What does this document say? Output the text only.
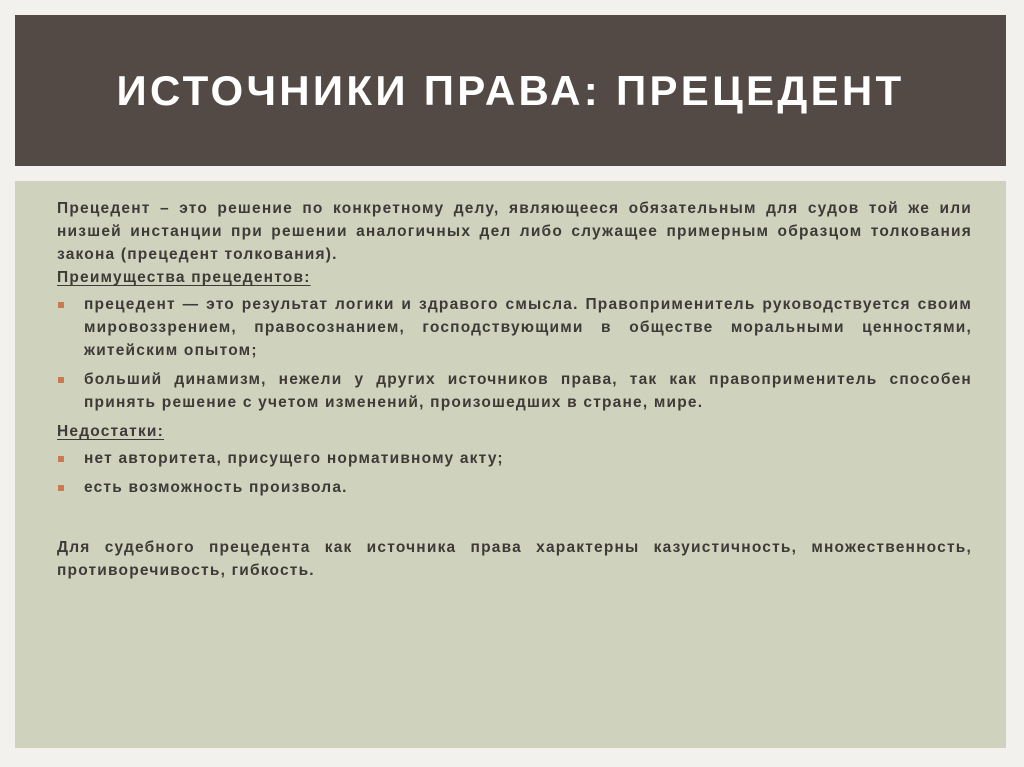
ИСТОЧНИКИ ПРАВА: ПРЕЦЕДЕНТ

Прецедент – это решение по конкретному делу, являющееся обязательным для судов той же или низшей инстанции при решении аналогичных дел либо служащее примерным образцом толкования закона (прецедент толкования).

Преимущества прецедентов:

прецедент — это результат логики и здравого смысла. Правоприменитель руководствуется своим мировоззрением, правосознанием, господствующими в обществе моральными ценностями, житейским опытом;
больший динамизм, нежели у других источников права, так как правоприменитель способен принять решение с учетом изменений, произошедших в стране, мире.

Недостатки:

нет авторитета, присущего нормативному акту;
есть возможность произвола.

Для судебного прецедента как источника права характерны казуистичность, множественность, противоречивость, гибкость.
